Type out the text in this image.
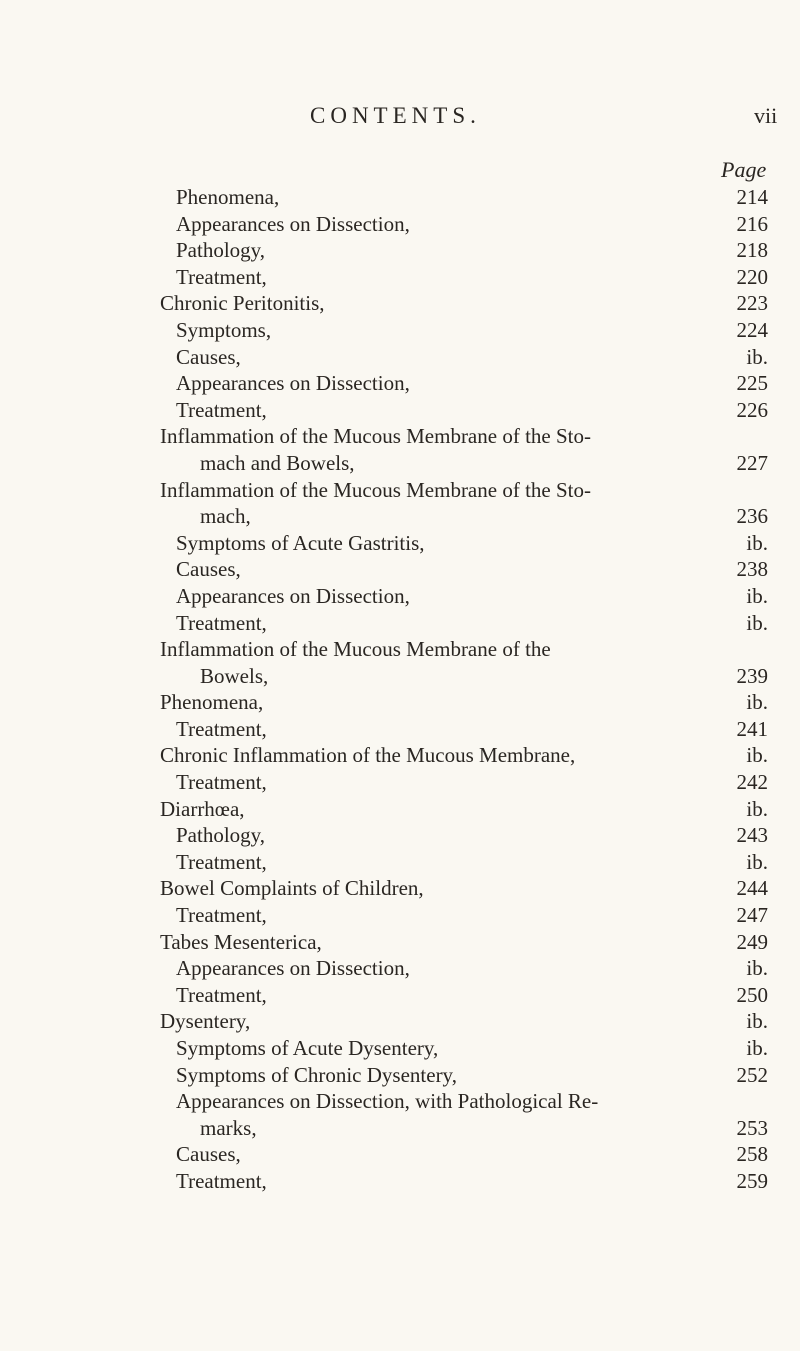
CONTENTS.	vii
Page
Phenomena,	214
Appearances on Dissection,	216
Pathology,	218
Treatment,	220
Chronic Peritonitis,	223
Symptoms,	224
Causes,	ib.
Appearances on Dissection,	225
Treatment,	226
Inflammation of the Mucous Membrane of the Sto-
mach and Bowels,	227
Inflammation of the Mucous Membrane of the Sto-
mach,	236
Symptoms of Acute Gastritis,	ib.
Causes,	238
Appearances on Dissection,	ib.
Treatment,	ib.
Inflammation of the Mucous Membrane of the
Bowels,	239
Phenomena,	ib.
Treatment,	241
Chronic Inflammation of the Mucous Membrane,	ib.
Treatment,	242
Diarrhœa,	ib.
Pathology,	243
Treatment,	ib.
Bowel Complaints of Children,	244
Treatment,	247
Tabes Mesenterica,	249
Appearances on Dissection,	ib.
Treatment,	250
Dysentery,	ib.
Symptoms of Acute Dysentery,	ib.
Symptoms of Chronic Dysentery,	252
Appearances on Dissection, with Pathological Re-
marks,	253
Causes,	258
Treatment,	259
